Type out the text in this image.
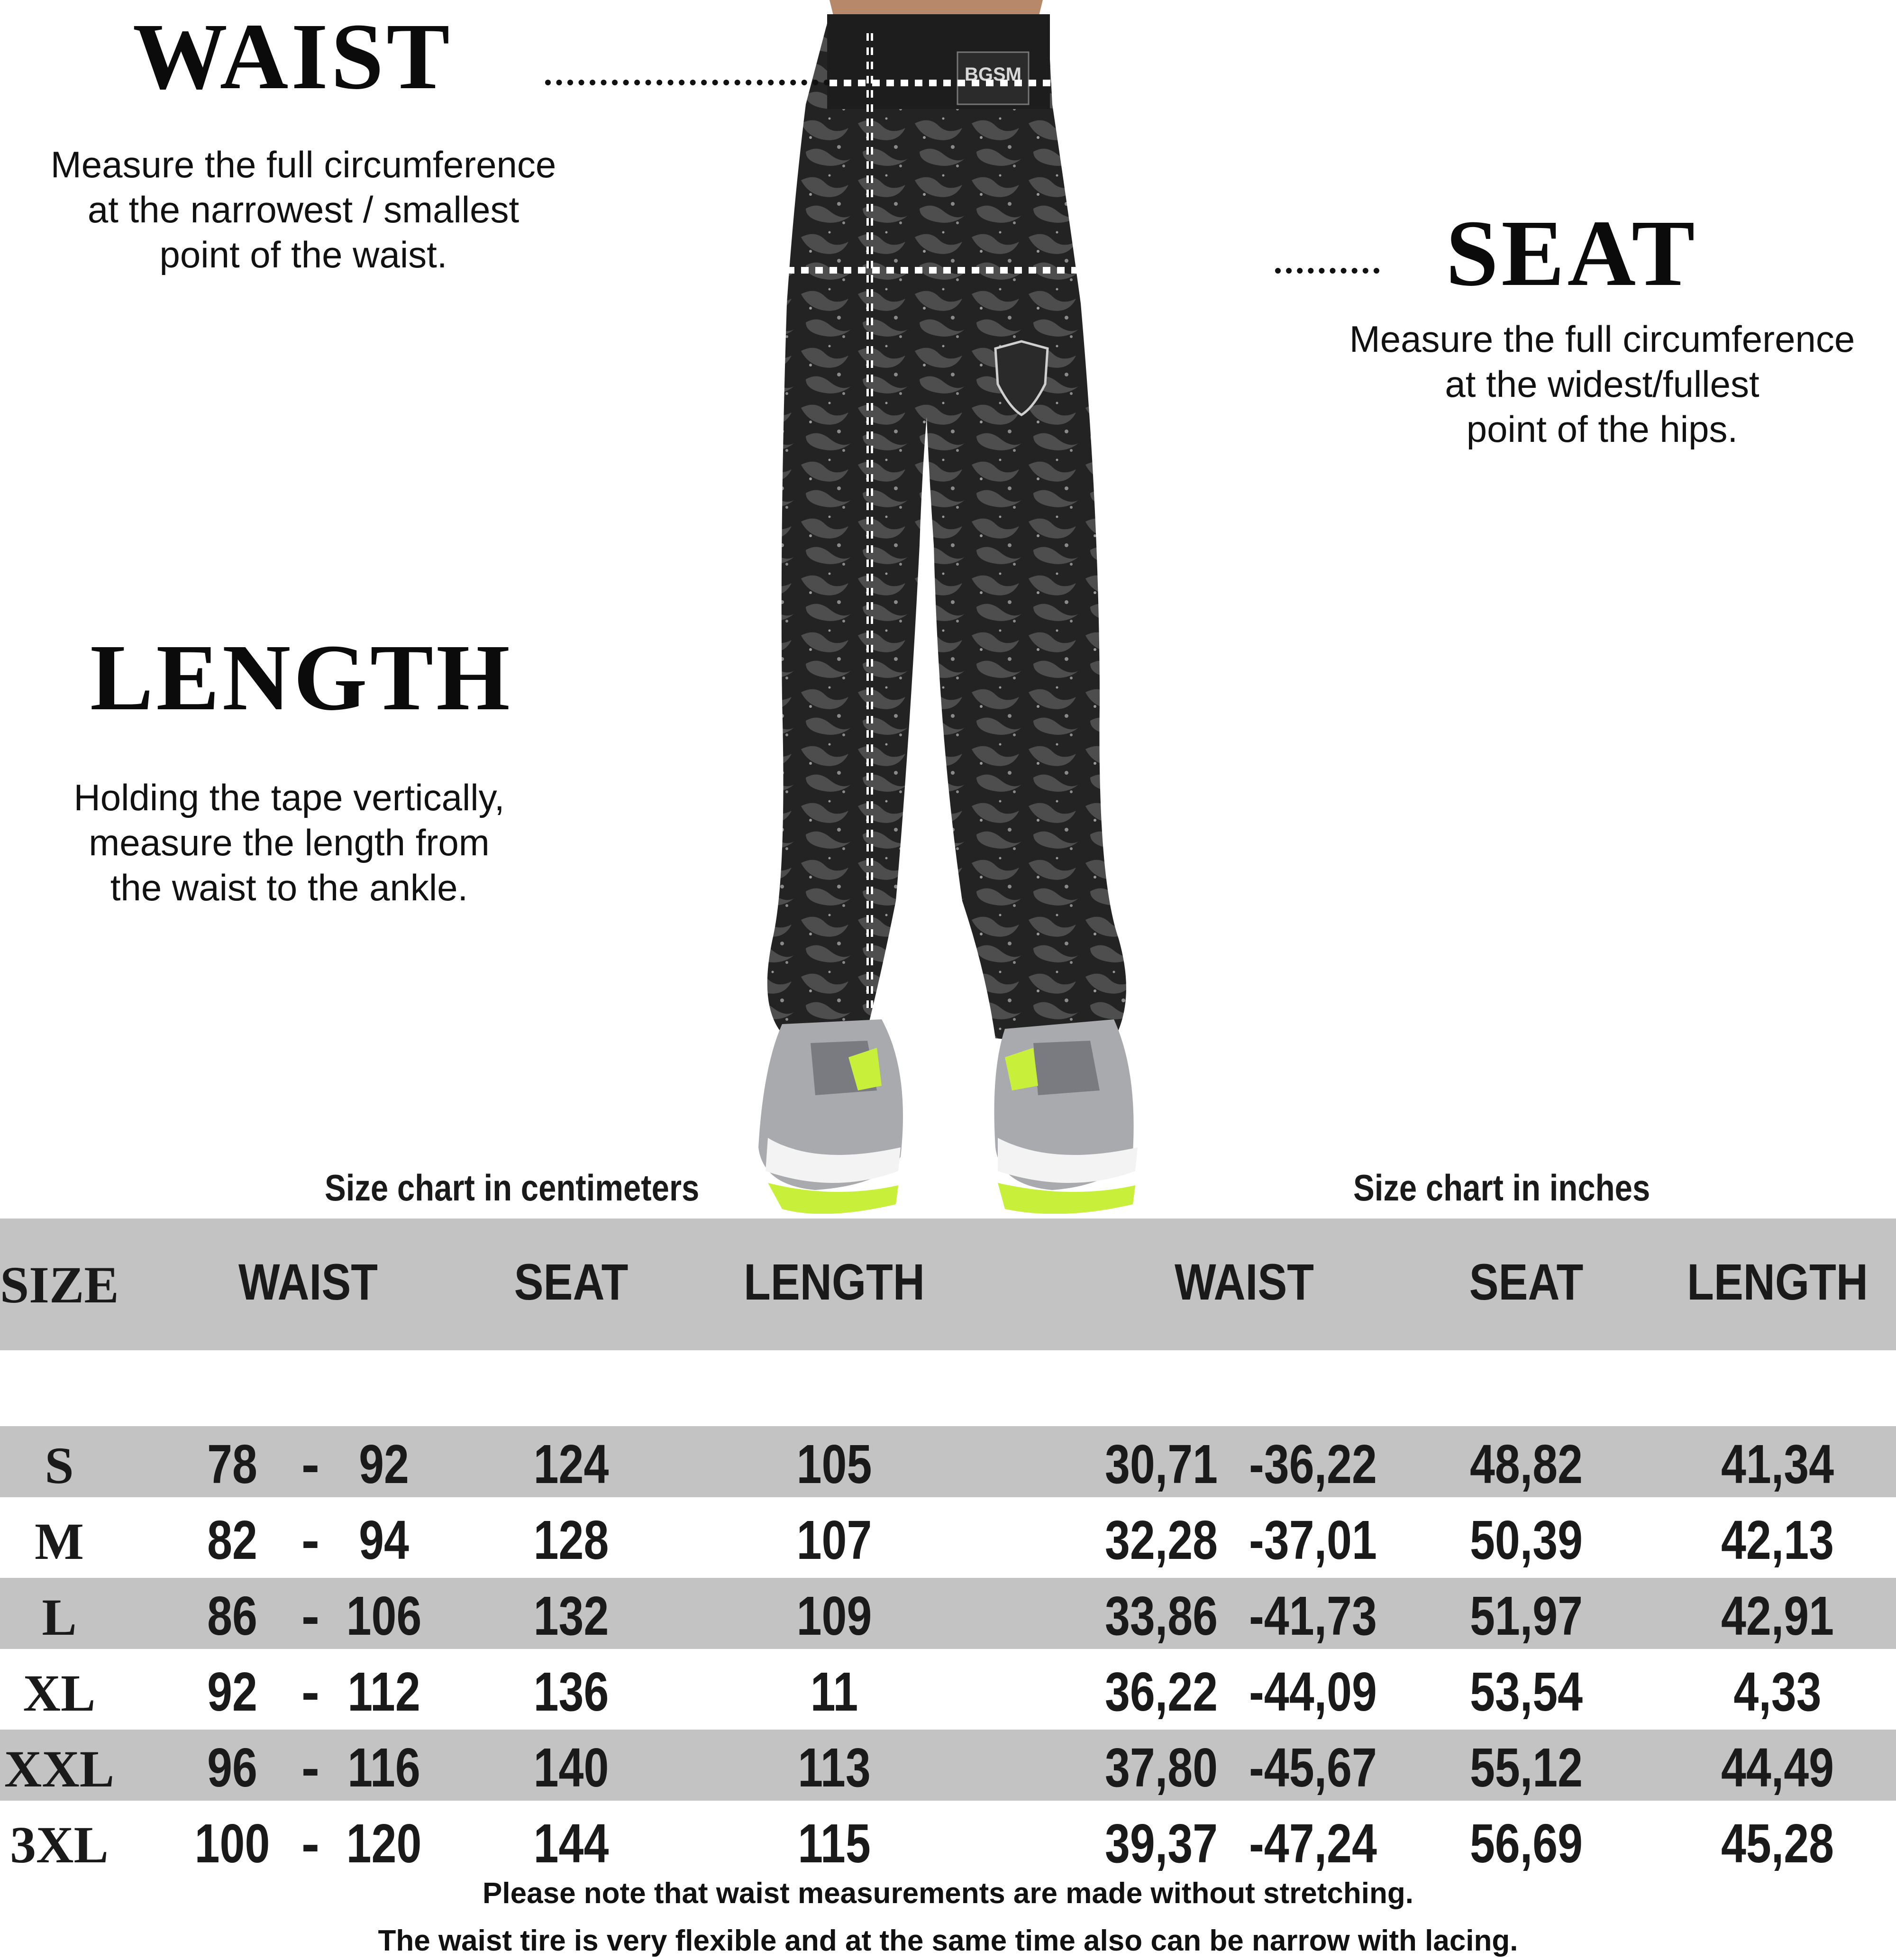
WAIST
Measure the full circumference
at the narrowest / smallest
point of the waist.	SEAT
Measure the full circumference
at the widest/fullest
point of the hips.
LENGTH
Holding the tape vertically,
measure the length from
the waist to the ankle.
BGSM
Size chart in centimeters	Size chart in inches
SIZE	WAIST	SEAT	LENGTH	WAIST	SEAT	LENGTH
S	78 - 92	124	105	30,71 -36,22	48,82	41,34
M	82 - 94	128	107	32,28 -37,01	50,39	42,13
L	86 - 106	132	109	33,86 -41,73	51,97	42,91
XL	92 - 112	136	11	36,22 -44,09	53,54	4,33
XXL	96 - 116	140	113	37,80 -45,67	55,12	44,49
3XL 100 - 120	144	115	39,37 -47,24	56,69	45,28
Please note that waist measurements are made without stretching.
The waist tire is very flexible and at the same time also can be narrow with lacing.
